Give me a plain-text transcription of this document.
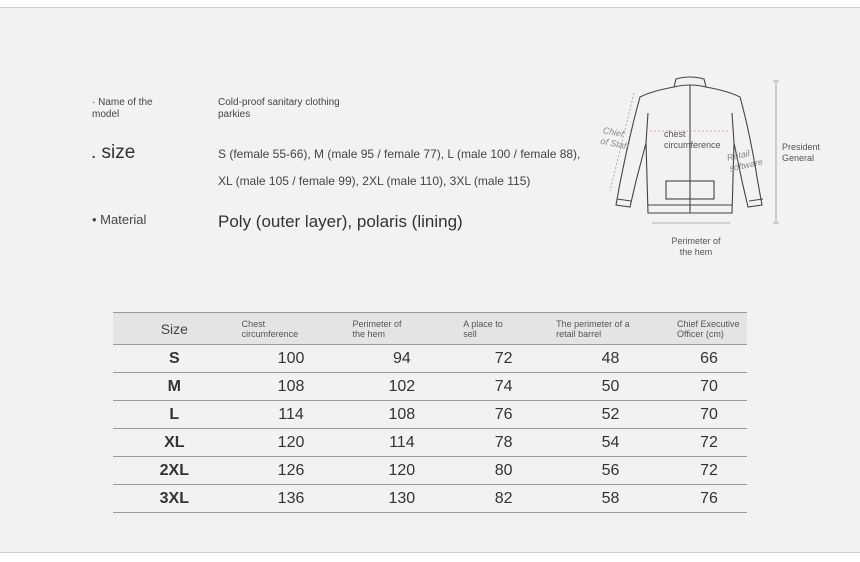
· Name of the model
Cold-proof sanitary clothing parkies
. size	S (female 55-66), M (male 95 / female 77), L (male 100 / female 88),
XL (male 105 / female 99), 2XL (male 110), 3XL (male 115)
• Material	Poly (outer layer), polaris (lining)
Chief of Staff
chest circumference
Retail software
President General
Perimeter of the hem
Size	Chest circumference	Perimeter of the hem	A place to sell	The perimeter of a retail barrel	Chief Executive Officer (cm)

S	100	94	72	48	66
M	108	102	74	50	70
L	114	108	76	52	70
XL	120	114	78	54	72
2XL	126	120	80	56	72
3XL	136	130	82	58	76
